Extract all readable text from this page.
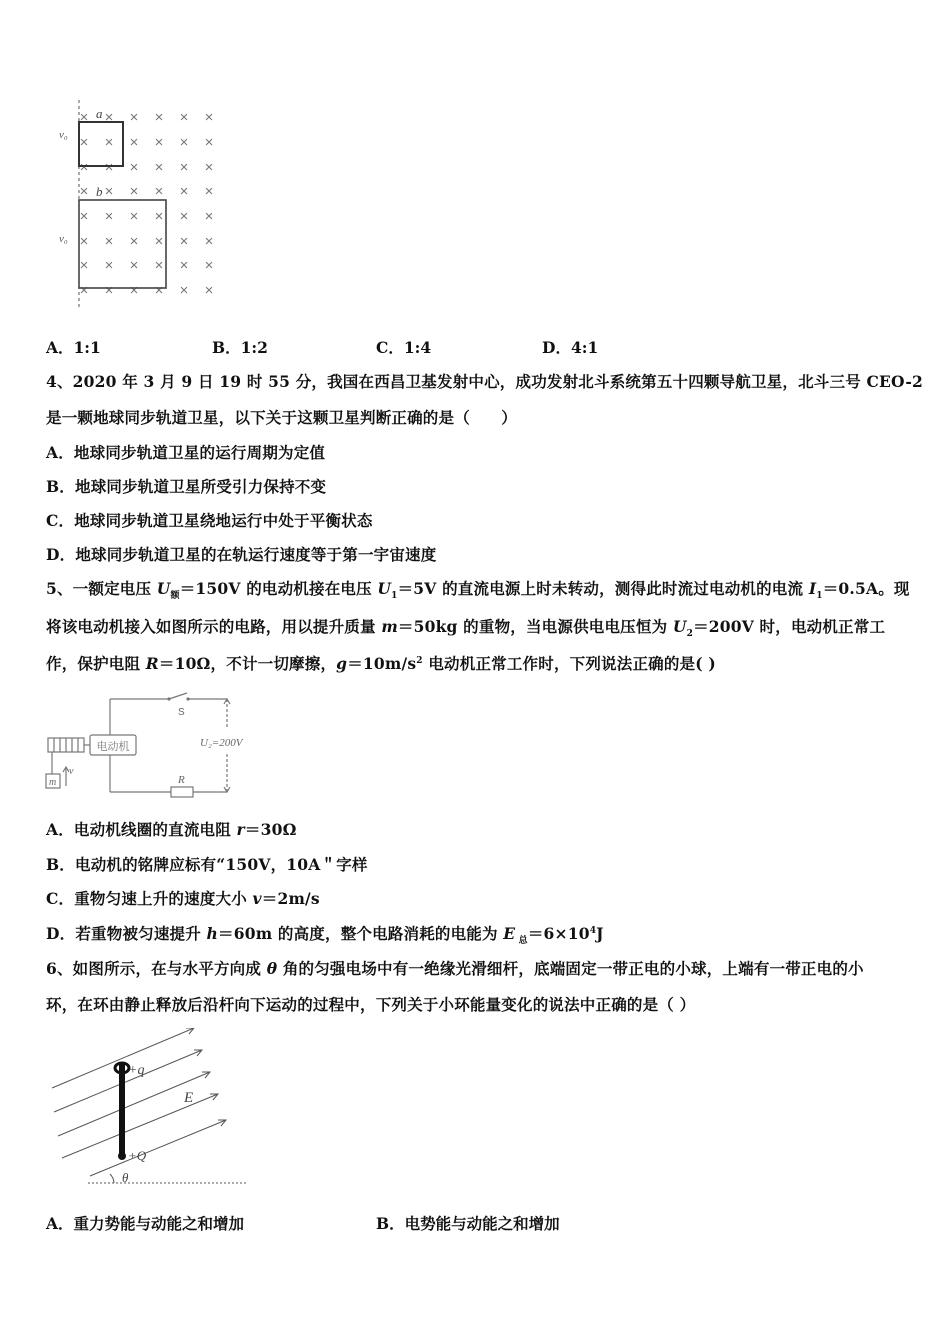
× × × × × ×
× × × × × ×
× × × × × ×
× × × × × ×
× × × × × ×
× × × × × ×
× × × × × ×
× × × × × ×
a
b
v₀
v₀
A．1:1	B．1:2	C．1:4	D．4:1
4、2020 年 3 月 9 日 19 时 55 分，我国在西昌卫基发射中心，成功发射北斗系统第五十四颗导航卫星，北斗三号 CEO-2
是一颗地球同步轨道卫星，以下关于这颗卫星判断正确的是（　　）
A．地球同步轨道卫星的运行周期为定值
B．地球同步轨道卫星所受引力保持不变
C．地球同步轨道卫星绕地运行中处于平衡状态
D．地球同步轨道卫星的在轨运行速度等于第一宇宙速度
5、一额定电压 $U_额=150V$ 的电动机接在电压 $U_1=5V$ 的直流电源上时未转动，测得此时流过电动机的电流 $I_1=0.5A$。现
将该电动机接入如图所示的电路，用以提升质量 m＝50kg 的重物，当电源供电电压恒为 $U_2=200V$ 时，电动机正常工
作，保护电阻 R＝10Ω，不计一切摩擦，$g=10m/s^2$ 电动机正常工作时，下列说法正确的是( )
电动机
S
U₂=200V
R
m
v
A．电动机线圈的直流电阻 r＝30Ω
B．电动机的铭牌应标有“150V，10A＂字样
C．重物匀速上升的速度大小 v＝2m/s
D．若重物被匀速提升 h＝60m 的高度，整个电路消耗的电能为 E $_总=6\times 10^4J$
6、如图所示，在与水平方向成 θ 角的匀强电场中有一绝缘光滑细杆，底端固定一带正电的小球，上端有一带正电的小
环，在环由静止释放后沿杆向下运动的过程中，下列关于小环能量变化的说法中正确的是（ ）
+q
+Q
E
θ
A．重力势能与动能之和增加	B．电势能与动能之和增加
